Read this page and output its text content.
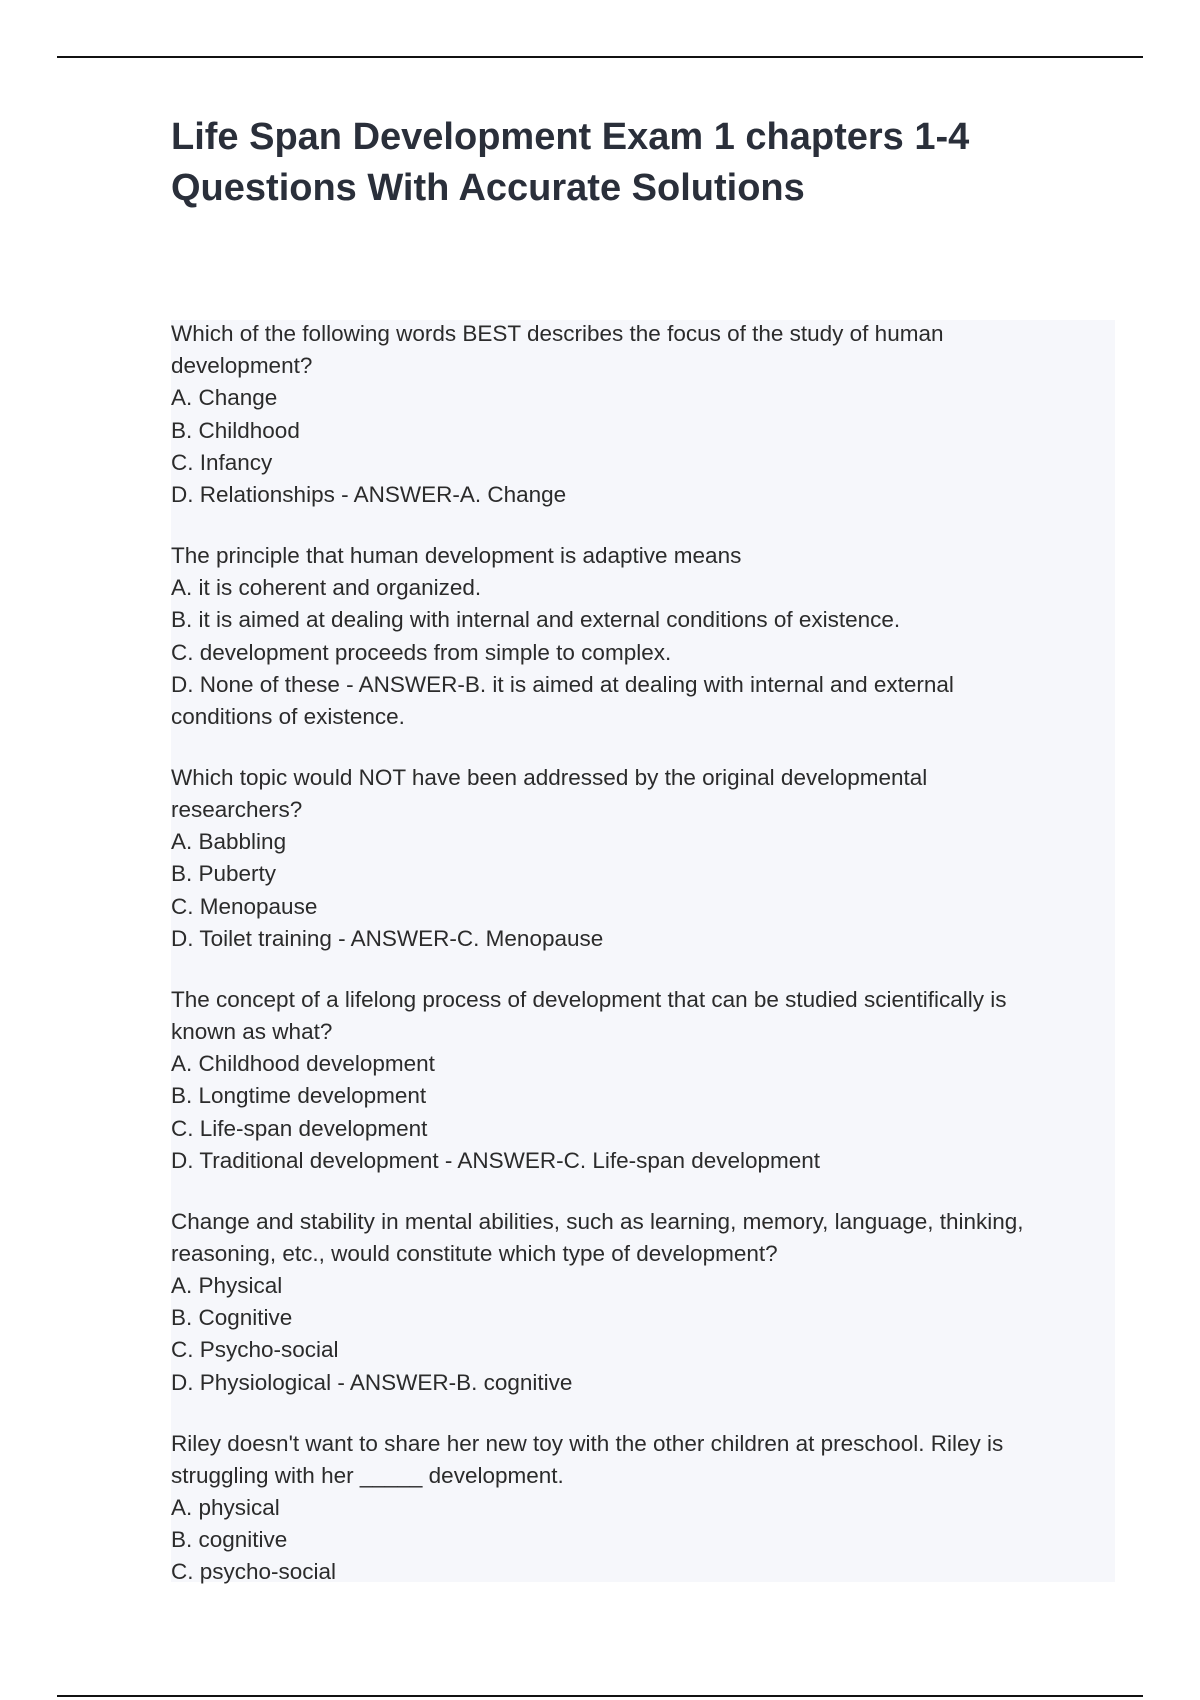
Life Span Development Exam 1 chapters 1-4
Questions With Accurate Solutions
Which of the following words BEST describes the focus of the study of human
development?
A. Change
B. Childhood
C. Infancy
D. Relationships - ANSWER-A. Change
The principle that human development is adaptive means
A. it is coherent and organized.
B. it is aimed at dealing with internal and external conditions of existence.
C. development proceeds from simple to complex.
D. None of these - ANSWER-B. it is aimed at dealing with internal and external
conditions of existence.
Which topic would NOT have been addressed by the original developmental
researchers?
A. Babbling
B. Puberty
C. Menopause
D. Toilet training - ANSWER-C. Menopause
The concept of a lifelong process of development that can be studied scientifically is
known as what?
A. Childhood development
B. Longtime development
C. Life-span development
D. Traditional development - ANSWER-C. Life-span development
Change and stability in mental abilities, such as learning, memory, language, thinking,
reasoning, etc., would constitute which type of development?
A. Physical
B. Cognitive
C. Psycho-social
D. Physiological - ANSWER-B. cognitive
Riley doesn't want to share her new toy with the other children at preschool. Riley is
struggling with her _____ development.
A. physical
B. cognitive
C. psycho-social
